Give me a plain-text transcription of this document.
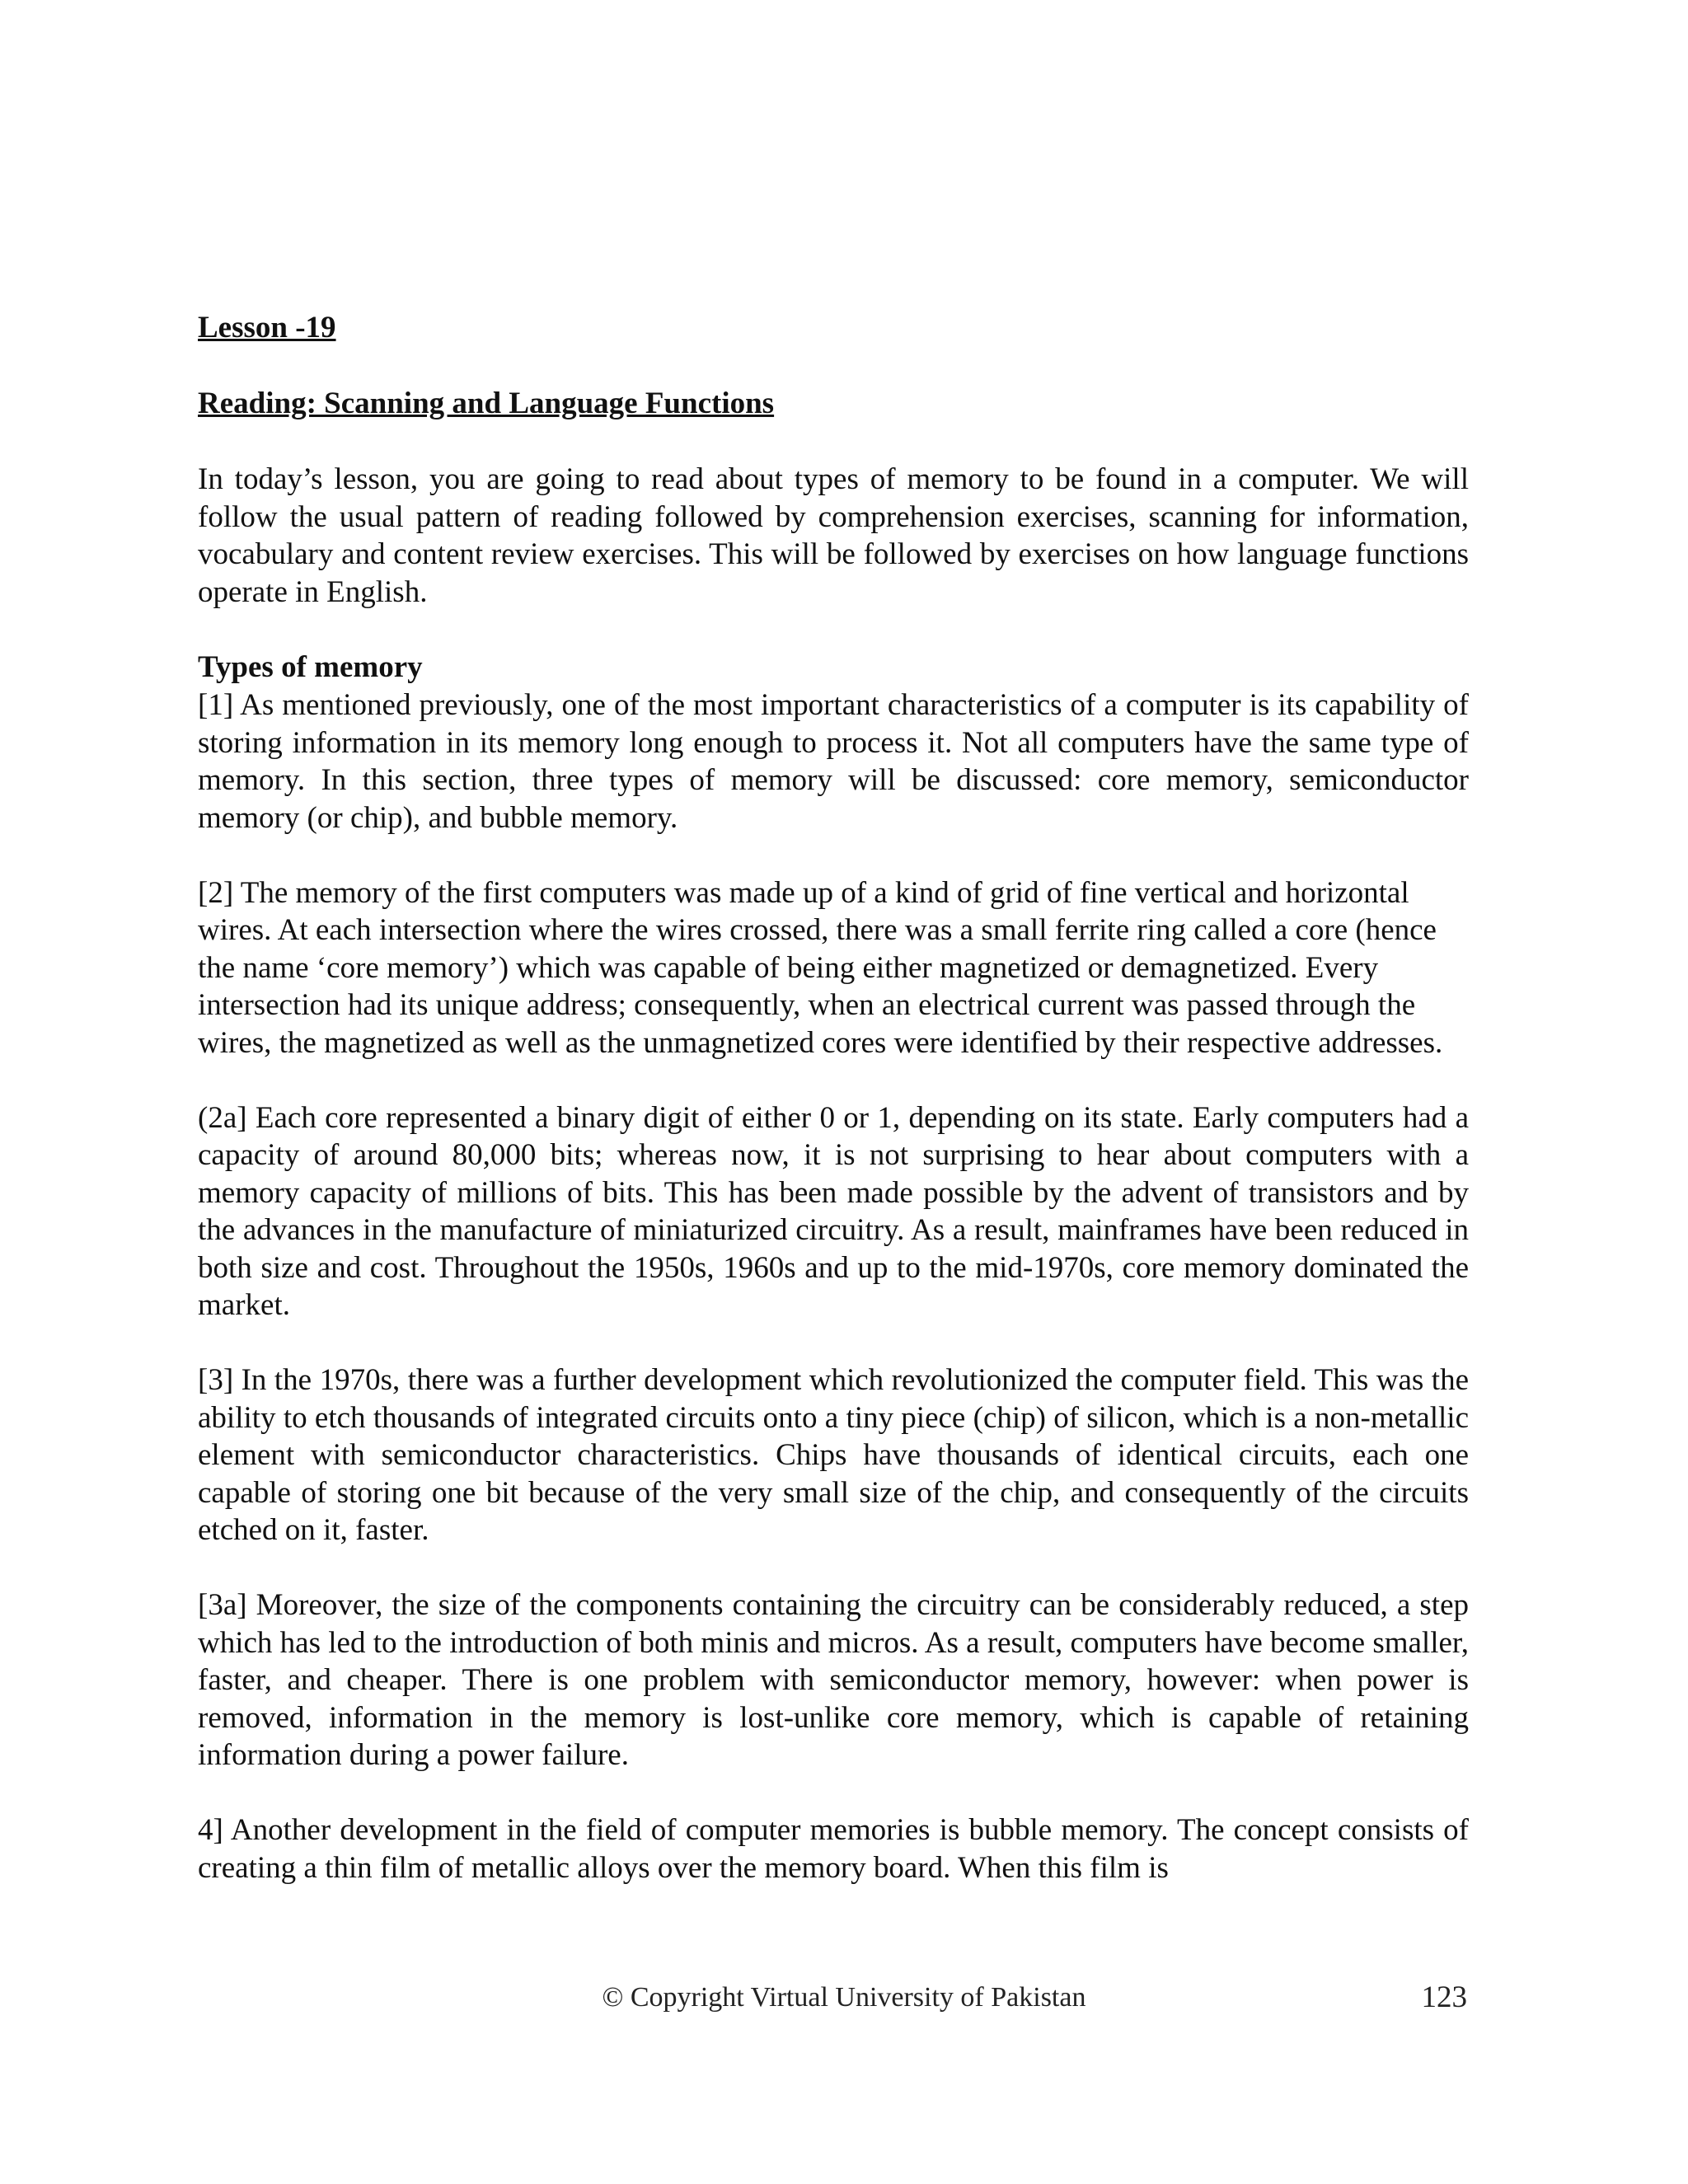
Lesson -19
Reading: Scanning and Language Functions

In today’s lesson, you are going to read about types of memory to be found in a computer. We will follow the usual pattern of reading followed by comprehension exercises, scanning for information, vocabulary and content review exercises. This will be followed by exercises on how language functions operate in English.

Types of memory

[1] As mentioned previously, one of the most important characteristics of a computer is its capability of storing information in its memory long enough to process it. Not all computers have the same type of memory. In this section, three types of memory will be discussed: core memory, semiconductor memory (or chip), and bubble memory.

[2] The memory of the first computers was made up of a kind of grid of fine vertical and horizontal wires. At each intersection where the wires crossed, there was a small ferrite ring called a core (hence the name ‘core memory’) which was capable of being either magnetized or demagnetized. Every intersection had its unique address; consequently, when an electrical current was passed through the wires, the magnetized as well as the unmagnetized cores were identified by their respective addresses.

(2a] Each core represented a binary digit of either 0 or 1, depending on its state. Early computers had a capacity of around 80,000 bits; whereas now, it is not surprising to hear about computers with a memory capacity of millions of bits. This has been made possible by the advent of transistors and by the advances in the manufacture of miniaturized circuitry. As a result, mainframes have been reduced in both size and cost. Throughout the 1950s, 1960s and up to the mid-1970s, core memory dominated the market.

[3] In the 1970s, there was a further development which revolutionized the computer field. This was the ability to etch thousands of integrated circuits onto a tiny piece (chip) of silicon, which is a non-metallic element with semiconductor characteristics. Chips have thousands of identical circuits, each one capable of storing one bit because of the very small size of the chip, and consequently of the circuits etched on it, faster.

[3a] Moreover, the size of the components containing the circuitry can be considerably reduced, a step which has led to the introduction of both minis and micros. As a result, computers have become smaller, faster, and cheaper. There is one problem with semiconductor memory, however: when power is removed, information in the memory is lost-unlike core memory, which is capable of retaining information during a power failure.

4] Another development in the field of computer memories is bubble memory. The concept consists of creating a thin film of metallic alloys over the memory board. When this film is

© Copyright Virtual University of Pakistan	123
